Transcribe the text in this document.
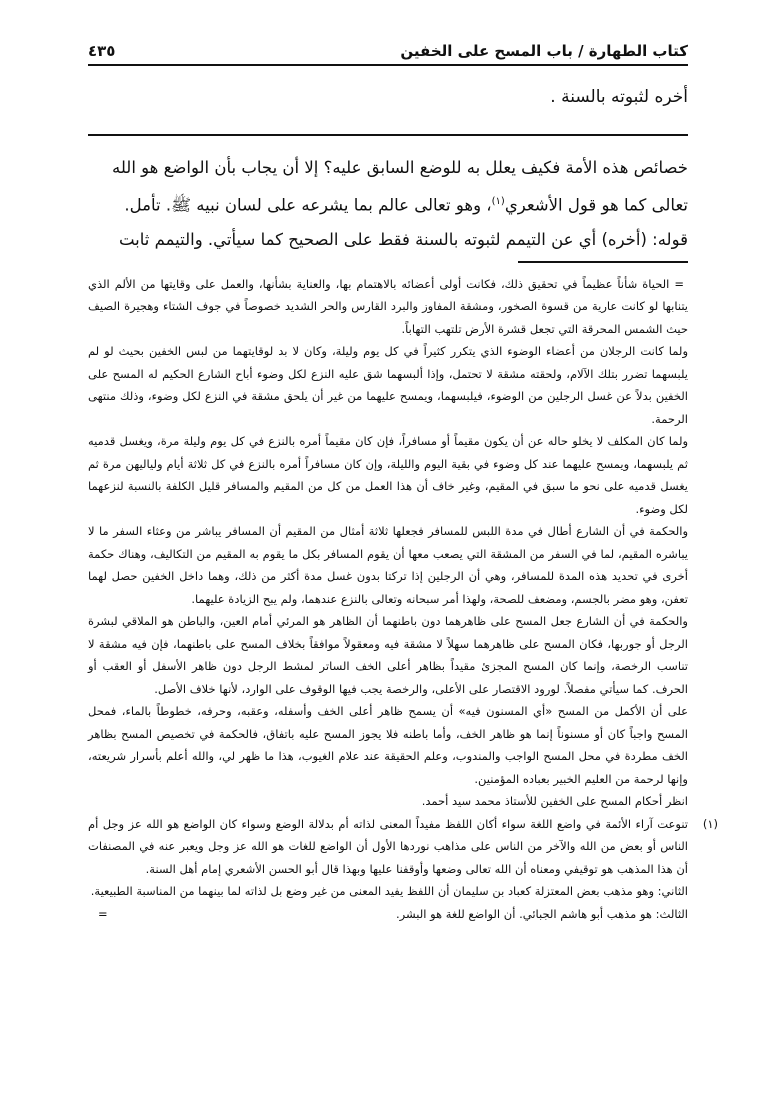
كتاب الطهارة / باب المسح على الخفين
٤٣٥
أخره لثبوته بالسنة .

خصائص هذه الأمة فكيف يعلل به للوضع السابق عليه؟ إلا أن يجاب بأن الواضع هو الله

تعالى كما هو قول الأشعري$^{(١)}$، وهو تعالى عالم بما يشرعه على لسان نبيه ﷺ. تأمل.

قوله: (أخره) أي عن التيمم لثبوته بالسنة فقط على الصحيح كما سيأتي. والتيمم ثابت

= الحياة شأناً عظيماً في تحقيق ذلك، فكانت أولى أعضائه بالاهتمام بها، والعناية بشأنها، والعمل على وقايتها من الألم الذي يتنابها لو كانت عارية من قسوة الصخور، ومشقة المفاوز والبرد القارس والحر الشديد خصوصاً في جوف الشتاء وهجيرة الصيف حيث الشمس المحرقة التي تجعل قشرة الأرض تلتهب التهاباً.

ولما كانت الرجلان من أعضاء الوضوء الذي يتكرر كثيراً في كل يوم وليلة، وكان لا بد لوقايتهما من لبس الخفين بحيث لو لم يلبسهما تضرر بتلك الآلام، ولحقته مشقة لا تحتمل، وإذا ألبسهما شق عليه النزع لكل وضوء أباح الشارع الحكيم له المسح على الخفين بدلاً عن غسل الرجلين من الوضوء، فيلبسهما، ويمسح عليهما من غير أن يلحق مشقة في النزع لكل وضوء، وذلك منتهى الرحمة.

ولما كان المكلف لا يخلو حاله عن أن يكون مقيماً أو مسافراً، فإن كان مقيماً أمره بالنزع في كل يوم وليلة مرة، ويغسل قدميه ثم يلبسهما، ويمسح عليهما عند كل وضوء في بقية اليوم والليلة، وإن كان مسافراً أمره بالنزع في كل ثلاثة أيام ولياليهن مرة ثم يغسل قدميه على نحو ما سبق في المقيم، وغير خاف أن هذا العمل من كل من المقيم والمسافر قليل الكلفة بالنسبة لنزعهما لكل وضوء.

والحكمة في أن الشارع أطال في مدة اللبس للمسافر فجعلها ثلاثة أمثال من المقيم أن المسافر يباشر من وعثاء السفر ما لا يباشره المقيم، لما في السفر من المشقة التي يصعب معها أن يقوم المسافر بكل ما يقوم به المقيم من التكاليف، وهناك حكمة أخرى في تحديد هذه المدة للمسافر، وهي أن الرجلين إذا تركتا بدون غسل مدة أكثر من ذلك، وهما داخل الخفين حصل لهما تعفن، وهو مضر بالجسم، ومضعف للصحة، ولهذا أمر سبحانه وتعالى بالنزع عندهما، ولم يبح الزيادة عليهما.

والحكمة في أن الشارع جعل المسح على ظاهرهما دون باطنهما أن الظاهر هو المرئي أمام العين، والباطن هو الملاقي لبشرة الرجل أو جوربها، فكان المسح على ظاهرهما سهلاً لا مشقة فيه ومعقولاً موافقاً بخلاف المسح على باطنهما، فإن فيه مشقة لا تناسب الرخصة، وإنما كان المسح المجزئ مقيداً بظاهر أعلى الخف الساتر لمشط الرجل دون ظاهر الأسفل أو العقب أو الحرف. كما سيأتي مفصلاً. لورود الاقتصار على الأعلى، والرخصة يجب فيها الوقوف على الوارد، لأنها خلاف الأصل.

على أن الأكمل من المسح «أي المسنون فيه» أن يسمح ظاهر أعلى الخف وأسفله، وعقبه، وحرفه، خطوطاً بالماء، فمحل المسح واجباً كان أو مسنوناً إنما هو ظاهر الخف، وأما باطنه فلا يجوز المسح عليه باتفاق، فالحكمة في تخصيص المسح بظاهر الخف مطردة في محل المسح الواجب والمندوب، وعلم الحقيقة عند علام الغيوب، هذا ما ظهر لي، والله أعلم بأسرار شريعته، وإنها لرحمة من العليم الخبير بعباده المؤمنين.

انظر أحكام المسح على الخفين للأستاذ محمد سيد أحمد.

(١)

تنوعت آراء الأئمة في واضع اللغة سواء أكان اللفظ مفيداً المعنى لذاته أم بدلالة الوضع وسواء كان الواضع هو الله عز وجل أم الناس أو بعض من الله والآخر من الناس على مذاهب نوردها الأول أن الواضع للغات هو الله عز وجل ويعبر عنه في المصنفات أن هذا المذهب هو توقيفي ومعناه أن الله تعالى وضعها وأوقفنا عليها وبهذا قال أبو الحسن الأشعري إمام أهل السنة.

الثاني: وهو مذهب بعض المعتزلة كعباد بن سليمان أن اللفظ يفيد المعنى من غير وضع بل لذاته لما بينهما من المناسبة الطبيعية.

الثالث: هو مذهب أبو هاشم الجبائي. أن الواضع للغة هو البشر.
=
